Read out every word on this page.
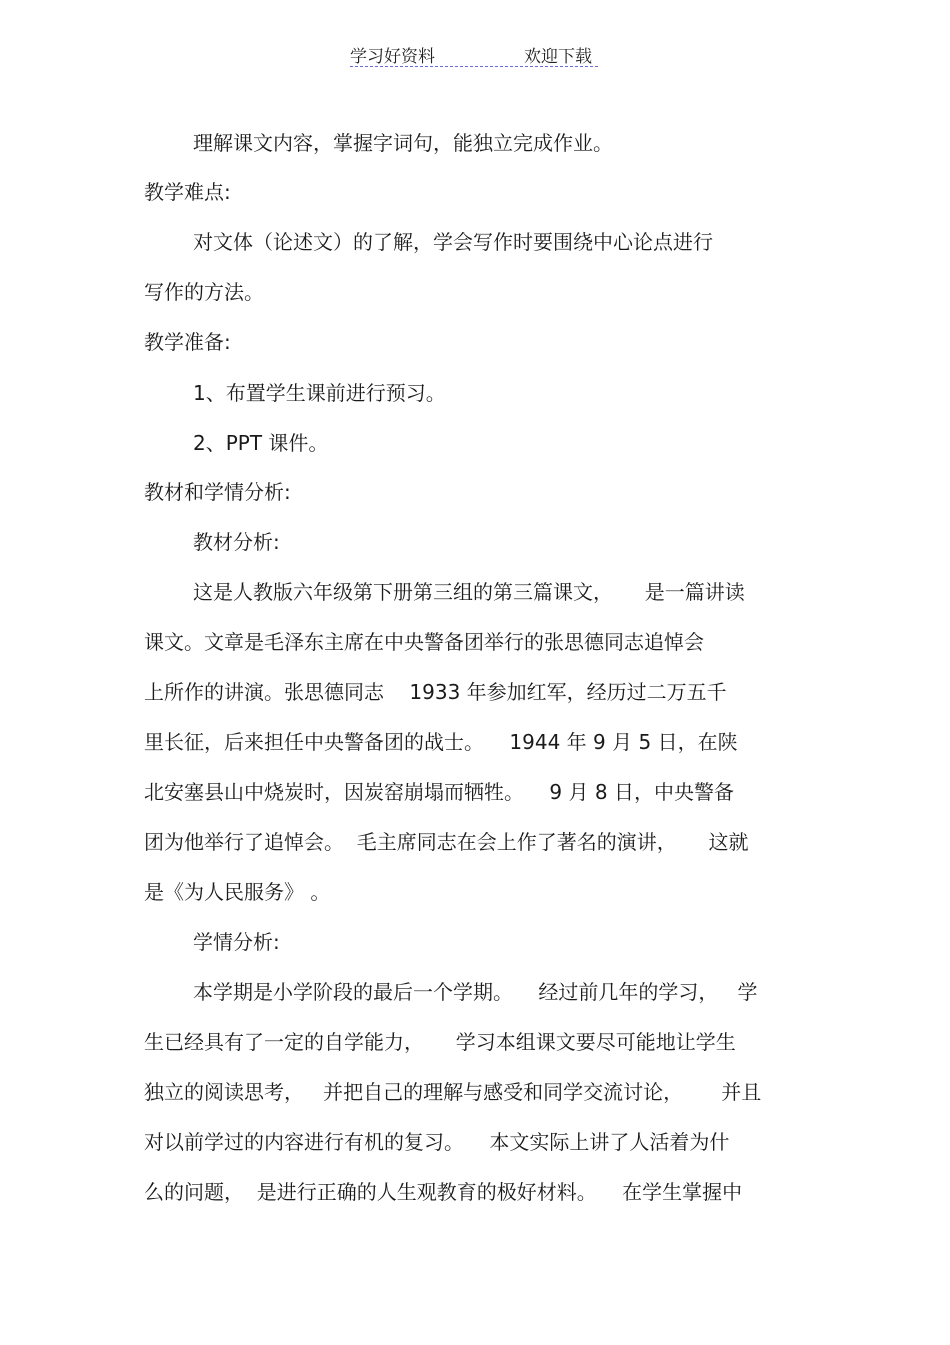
学习好资料	欢迎下载
理解课文内容，掌握字词句，能独立完成作业。
教学难点:
对文体（论述文）的了解，学会写作时要围绕中心论点进行
写作的方法。
教学准备:
1、布置学生课前进行预习。
2、PPT 课件。
教材和学情分析:
教材分析:
这是人教版六年级第下册第三组的第三篇课文，     是一篇讲读
课文。文章是毛泽东主席在中央警备团举行的张思德同志追悼会
上所作的讲演。张思德同志    1933 年参加红军，经历过二万五千
里长征，后来担任中央警备团的战士。    1944 年 9 月 5 日，在陕
北安塞县山中烧炭时，因炭窑崩塌而牺牲。    9 月 8 日，中央警备
团为他举行了追悼会。  毛主席同志在会上作了著名的演讲，     这就
是《为人民服务》 。
学情分析:
本学期是小学阶段的最后一个学期。    经过前几年的学习，   学
生已经具有了一定的自学能力，     学习本组课文要尽可能地让学生
独立的阅读思考，   并把自己的理解与感受和同学交流讨论，      并且
对以前学过的内容进行有机的复习。    本文实际上讲了人活着为什
么的问题，  是进行正确的人生观教育的极好材料。    在学生掌握中
